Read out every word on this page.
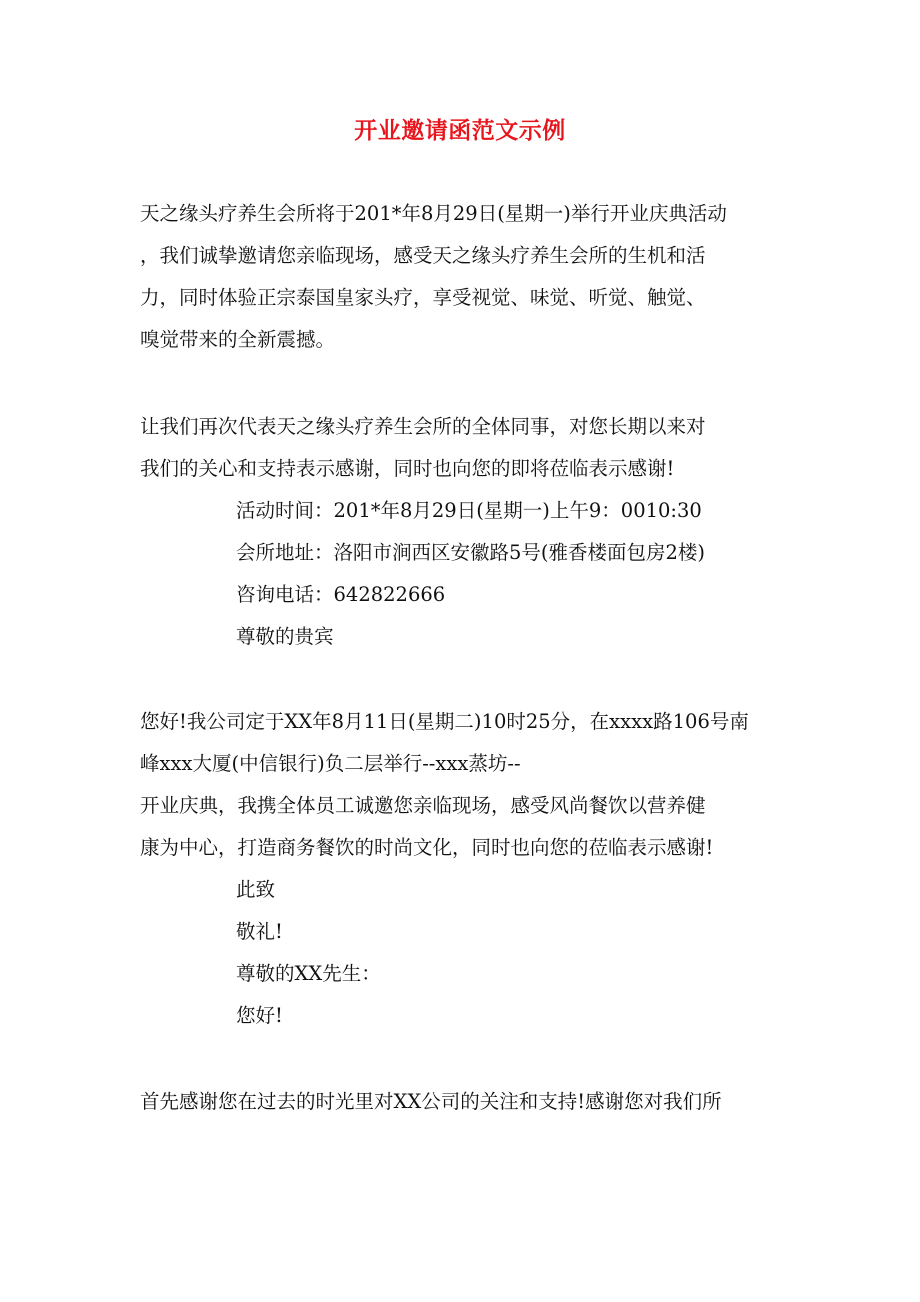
开业邀请函范文示例
天之缘头疗养生会所将于201*年8月29日(星期一)举行开业庆典活动
，我们诚挚邀请您亲临现场，感受天之缘头疗养生会所的生机和活
力，同时体验正宗泰国皇家头疗，享受视觉、味觉、听觉、触觉、
嗅觉带来的全新震撼。
让我们再次代表天之缘头疗养生会所的全体同事，对您长期以来对
我们的关心和支持表示感谢，同时也向您的即将莅临表示感谢!
活动时间：201*年8月29日(星期一)上午9：0010:30
会所地址：洛阳市涧西区安徽路5号(雅香楼面包房2楼)
咨询电话：642822666
尊敬的贵宾
您好!我公司定于XX年8月11日(星期二)10时25分，在xxxx路106号南
峰xxx大厦(中信银行)负二层举行--xxx蒸坊--
开业庆典，我携全体员工诚邀您亲临现场，感受风尚餐饮以营养健
康为中心，打造商务餐饮的时尚文化，同时也向您的莅临表示感谢!
此致
敬礼!
尊敬的XX先生：
您好!
首先感谢您在过去的时光里对XX公司的关注和支持!感谢您对我们所
